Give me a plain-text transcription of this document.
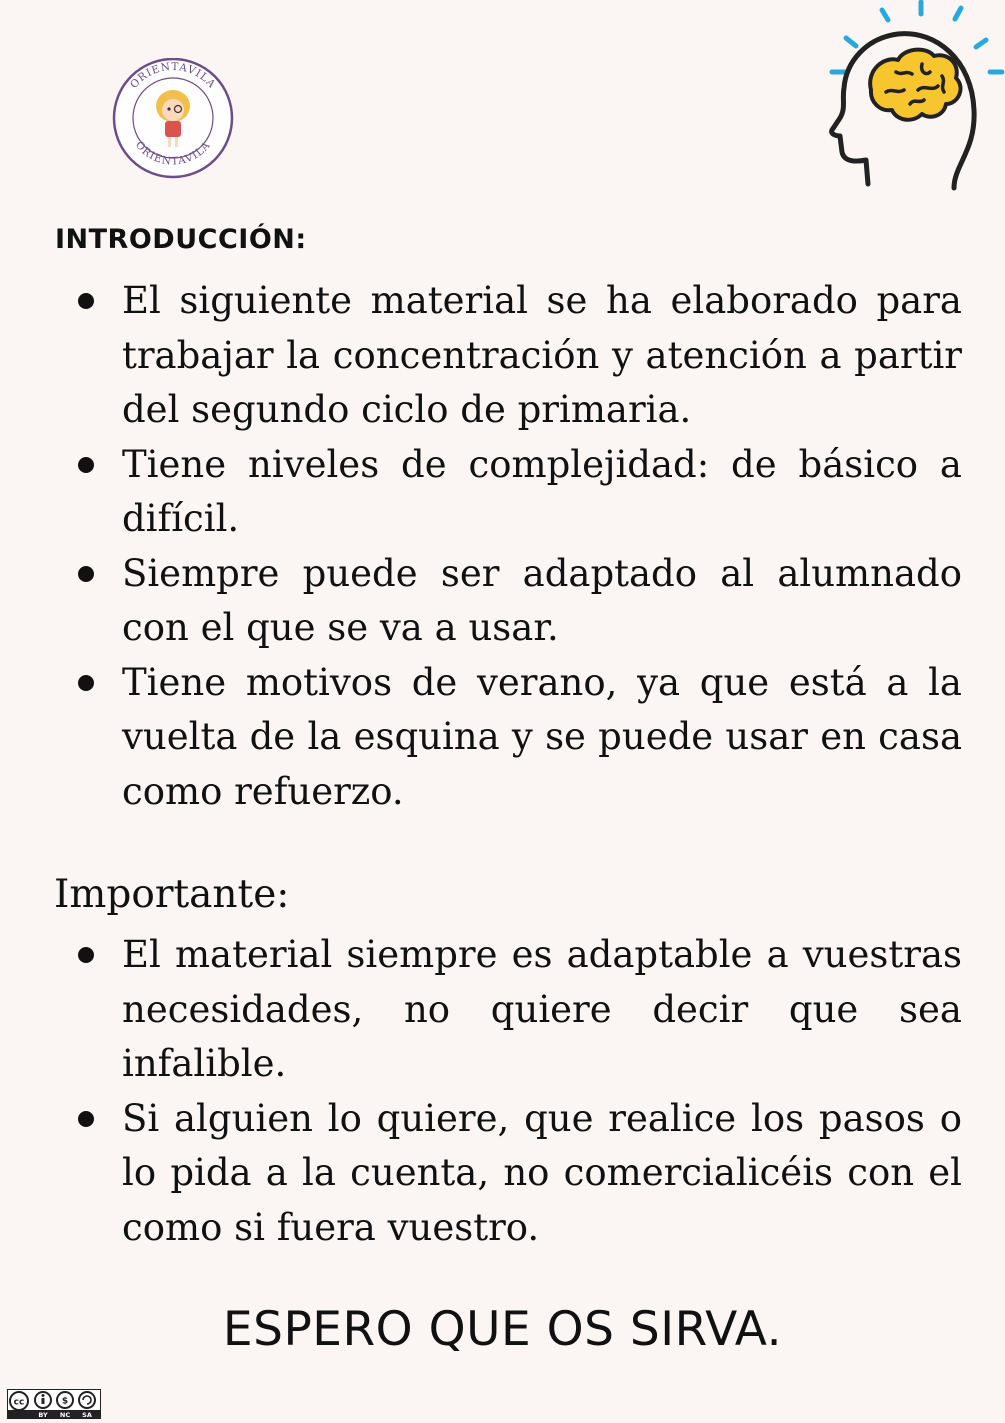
ORIENTAVILA
ORIENTAVILA
INTRODUCCIÓN:
El siguiente material se ha elaborado para trabajar la concentración y atención a partir del segundo ciclo de primaria.
Tiene niveles de complejidad: de básico a difícil.
Siempre puede ser adaptado al alumnado con el que se va a usar.
Tiene motivos de verano, ya que está a la vuelta de la esquina y se puede usar en casa como refuerzo.
Importante:
El material siempre es adaptable a vuestras necesidades, no quiere decir que sea infalible.
Si alguien lo quiere, que realice los pasos o lo pida a la cuenta, no comercialicéis con el como si fuera vuestro.
ESPERO QUE OS SIRVA.
cc
BY NC SA
$
